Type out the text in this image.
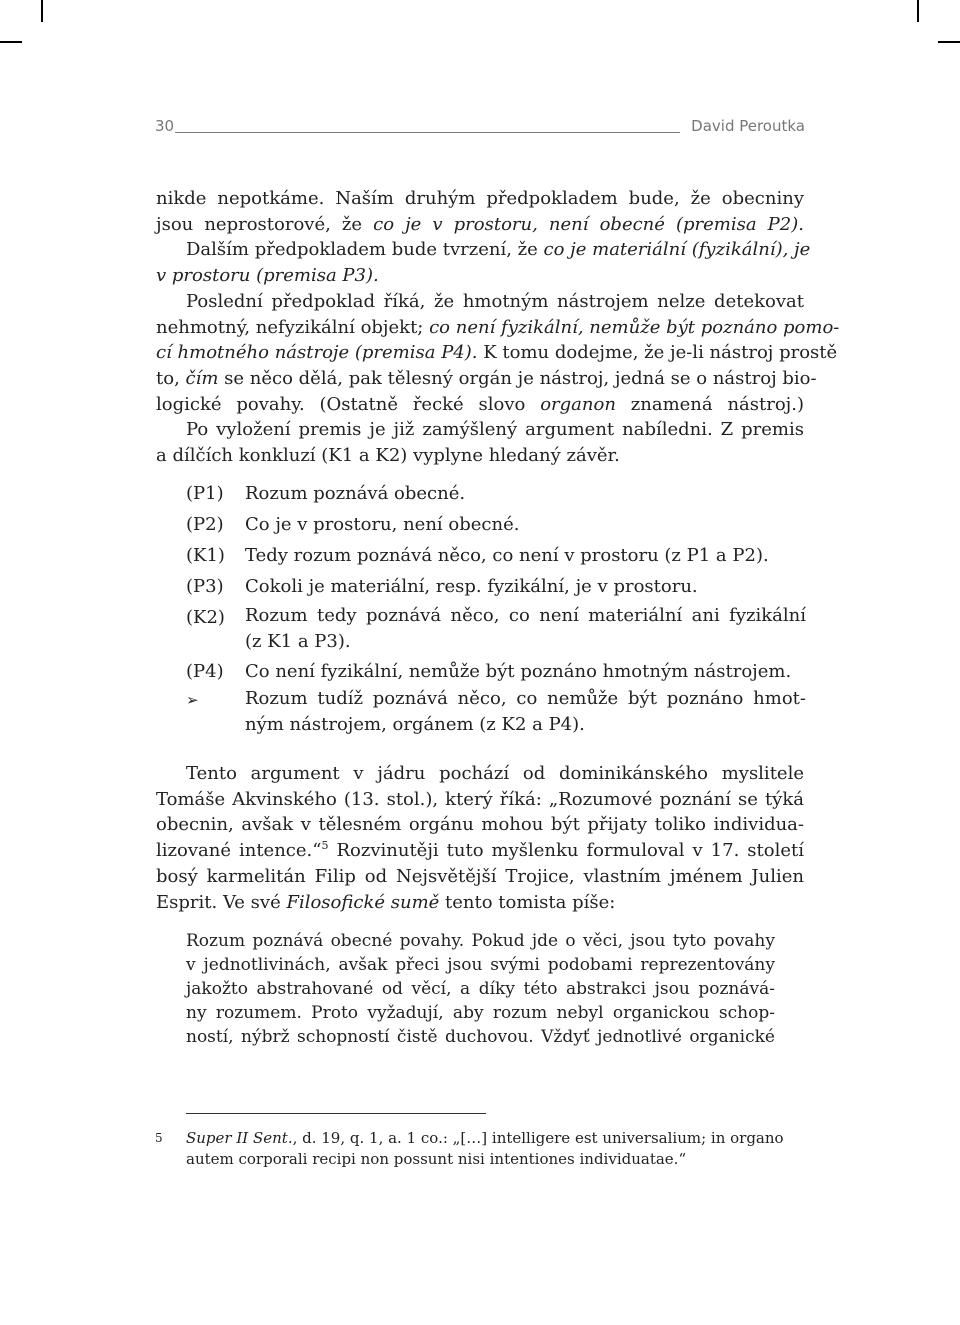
30	David Peroutka
nikde nepotkáme. Naším druhým předpokladem bude, že obecniny
jsou neprostorové, že co je v prostoru, není obecné (premisa P2).
Dalším předpokladem bude tvrzení, že co je materiální (fyzikální), je
v prostoru (premisa P3).
Poslední předpoklad říká, že hmotným nástrojem nelze detekovat
nehmotný, nefyzikální objekt; co není fyzikální, nemůže být poznáno pomo-
cí hmotného nástroje (premisa P4). K tomu dodejme, že je-li nástroj prostě
to, čím se něco dělá, pak tělesný orgán je nástroj, jedná se o nástroj bio-
logické povahy. (Ostatně řecké slovo organon znamená nástroj.)
Po vyložení premis je již zamýšlený argument nabíledni. Z premis
a dílčích konkluzí (K1 a K2) vyplyne hledaný závěr.
(P1)	Rozum poznává obecné.
(P2)	Co je v prostoru, není obecné.
(K1)	Tedy rozum poznává něco, co není v prostoru (z P1 a P2).
(P3)	Cokoli je materiální, resp. fyzikální, je v prostoru.
(K2)	Rozum tedy poznává něco, co není materiální ani fyzikální
(z K1 a P3).
(P4)	Co není fyzikální, nemůže být poznáno hmotným nástrojem.
➢	Rozum tudíž poznává něco, co nemůže být poznáno hmot-
ným nástrojem, orgánem (z K2 a P4).
Tento argument v jádru pochází od dominikánského myslitele
Tomáše Akvinského (13. stol.), který říká: „Rozumové poznání se týká
obecnin, avšak v tělesném orgánu mohou být přijaty toliko individua-
lizované intence.“$^5$ Rozvinutěji tuto myšlenku formuloval v 17. století
bosý karmelitán Filip od Nejsvětější Trojice, vlastním jménem Julien
Esprit. Ve své Filosofické sumě tento tomista píše:
Rozum poznává obecné povahy. Pokud jde o věci, jsou tyto povahy
v jednotlivinách, avšak přeci jsou svými podobami reprezentovány
jakožto abstrahované od věcí, a díky této abstrakci jsou poznává-
ny rozumem. Proto vyžadují, aby rozum nebyl organickou schop-
ností, nýbrž schopností čistě duchovou. Vždyť jednotlivé organické
5 Super II Sent., d. 19, q. 1, a. 1 co.: „[…] intelligere est universalium; in organo
autem corporali recipi non possunt nisi intentiones individuatae.“
